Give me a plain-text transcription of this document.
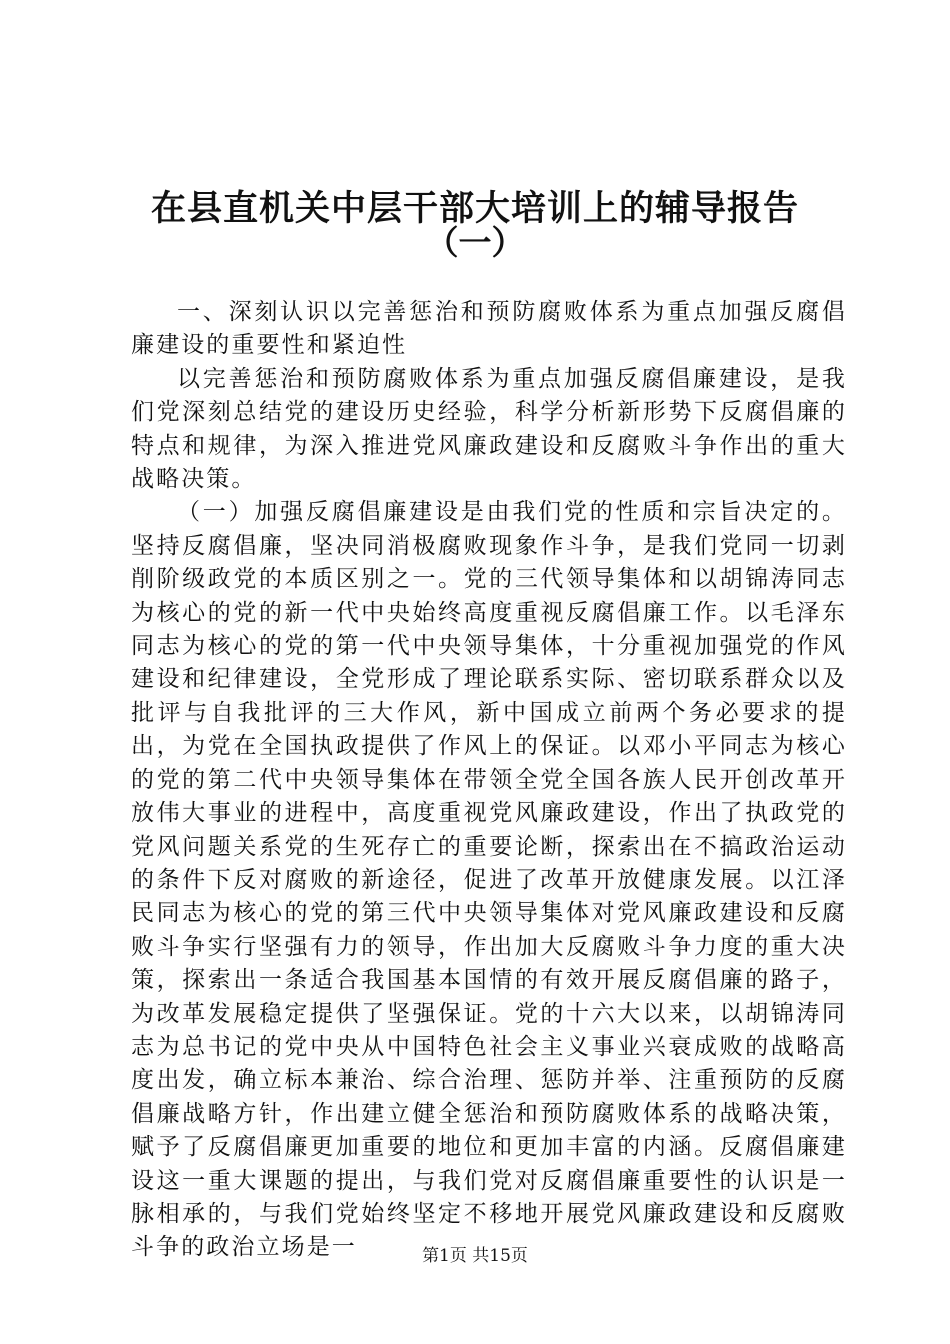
在县直机关中层干部大培训上的辅导报告
（一）

一、深刻认识以完善惩治和预防腐败体系为重点加强反腐倡廉建设的重要性和紧迫性

以完善惩治和预防腐败体系为重点加强反腐倡廉建设，是我们党深刻总结党的建设历史经验，科学分析新形势下反腐倡廉的特点和规律，为深入推进党风廉政建设和反腐败斗争作出的重大战略决策。

（一）加强反腐倡廉建设是由我们党的性质和宗旨决定的。坚持反腐倡廉，坚决同消极腐败现象作斗争，是我们党同一切剥削阶级政党的本质区别之一。党的三代领导集体和以胡锦涛同志为核心的党的新一代中央始终高度重视反腐倡廉工作。以毛泽东同志为核心的党的第一代中央领导集体，十分重视加强党的作风建设和纪律建设，全党形成了理论联系实际、密切联系群众以及批评与自我批评的三大作风，新中国成立前两个务必要求的提出，为党在全国执政提供了作风上的保证。以邓小平同志为核心的党的第二代中央领导集体在带领全党全国各族人民开创改革开放伟大事业的进程中，高度重视党风廉政建设，作出了执政党的党风问题关系党的生死存亡的重要论断，探索出在不搞政治运动的条件下反对腐败的新途径，促进了改革开放健康发展。以江泽民同志为核心的党的第三代中央领导集体对党风廉政建设和反腐败斗争实行坚强有力的领导，作出加大反腐败斗争力度的重大决策，探索出一条适合我国基本国情的有效开展反腐倡廉的路子，为改革发展稳定提供了坚强保证。党的十六大以来，以胡锦涛同志为总书记的党中央从中国特色社会主义事业兴衰成败的战略高度出发，确立标本兼治、综合治理、惩防并举、注重预防的反腐倡廉战略方针，作出建立健全惩治和预防腐败体系的战略决策，赋予了反腐倡廉更加重要的地位和更加丰富的内涵。反腐倡廉建设这一重大课题的提出，与我们党对反腐倡廉重要性的认识是一脉相承的，与我们党始终坚定不移地开展党风廉政建设和反腐败斗争的政治立场是一	第1页 共15页
